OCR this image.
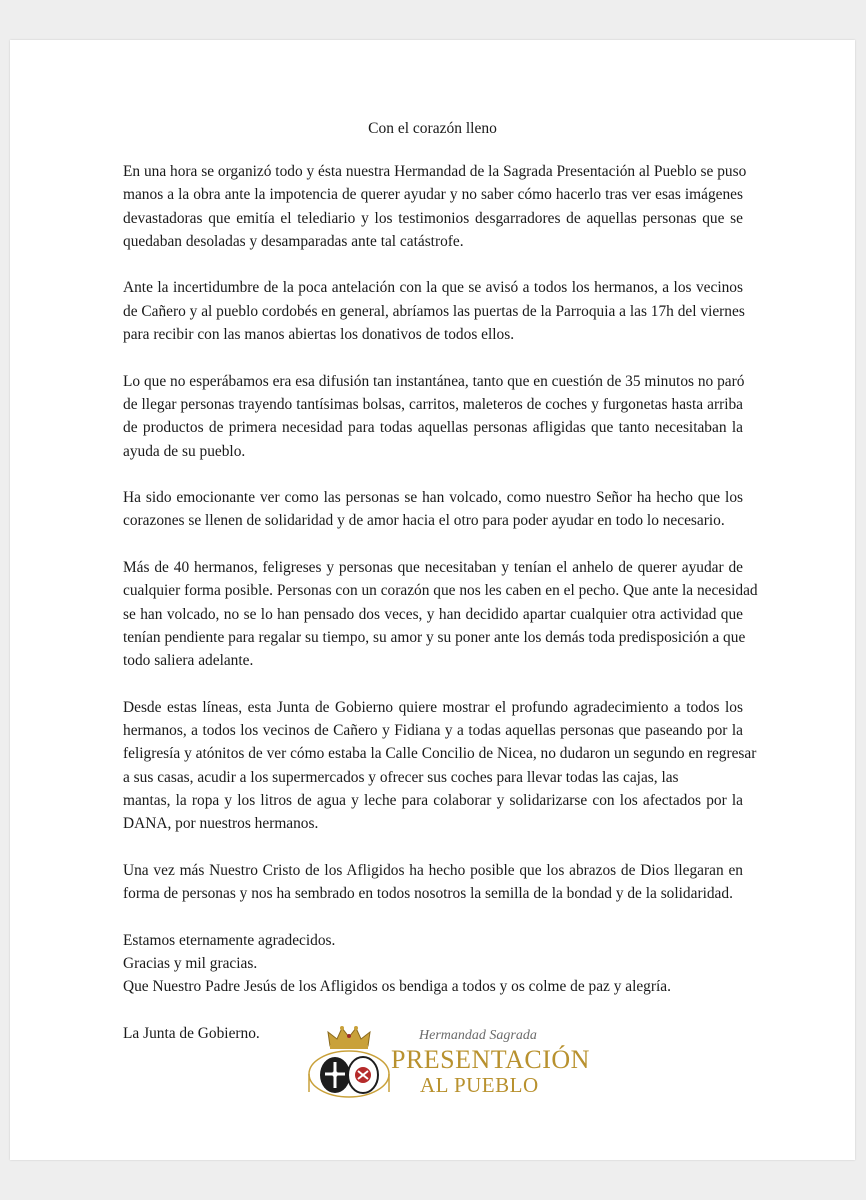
Con el corazón lleno

En una hora se organizó todo y ésta nuestra Hermandad de la Sagrada Presentación al Pueblo se puso
manos a la obra ante la impotencia de querer ayudar y no saber cómo hacerlo tras ver esas imágenes
devastadoras que emitía el telediario y los testimonios desgarradores de aquellas personas que se
quedaban desoladas y desamparadas ante tal catástrofe.

Ante la incertidumbre de la poca antelación con la que se avisó a todos los hermanos, a los vecinos
de Cañero y al pueblo cordobés en general, abríamos las puertas de la Parroquia a las 17h del viernes
para recibir con las manos abiertas los donativos de todos ellos.

Lo que no esperábamos era esa difusión tan instantánea, tanto que en cuestión de 35 minutos no paró
de llegar personas trayendo tantísimas bolsas, carritos, maleteros de coches y furgonetas hasta arriba
de productos de primera necesidad para todas aquellas personas afligidas que tanto necesitaban la
ayuda de su pueblo.

Ha sido emocionante ver como las personas se han volcado, como nuestro Señor ha hecho que los
corazones se llenen de solidaridad y de amor hacia el otro para poder ayudar en todo lo necesario.

Más de 40 hermanos, feligreses y personas que necesitaban y tenían el anhelo de querer ayudar de
cualquier forma posible. Personas con un corazón que nos les caben en el pecho. Que ante la necesidad
se han volcado, no se lo han pensado dos veces, y han decidido apartar cualquier otra actividad que
tenían pendiente para regalar su tiempo, su amor y su poner ante los demás toda predisposición a que
todo saliera adelante.

Desde estas líneas, esta Junta de Gobierno quiere mostrar el profundo agradecimiento a todos los
hermanos, a todos los vecinos de Cañero y Fidiana y a todas aquellas personas que paseando por la
feligresía y atónitos de ver cómo estaba la Calle Concilio de Nicea, no dudaron un segundo en regresar
a sus casas, acudir a los supermercados y ofrecer sus coches para llevar todas las cajas, las
mantas, la ropa y los litros de agua y leche para colaborar y solidarizarse con los afectados por la
DANA, por nuestros hermanos.

Una vez más Nuestro Cristo de los Afligidos ha hecho posible que los abrazos de Dios llegaran en
forma de personas y nos ha sembrado en todos nosotros la semilla de la bondad y de la solidaridad.

Estamos eternamente agradecidos.
Gracias y mil gracias.
Que Nuestro Padre Jesús de los Afligidos os bendiga a todos y os colme de paz y alegría.

La Junta de Gobierno.	Hermandad Sagrada
PRESENTACIÓN
AL PUEBLO
